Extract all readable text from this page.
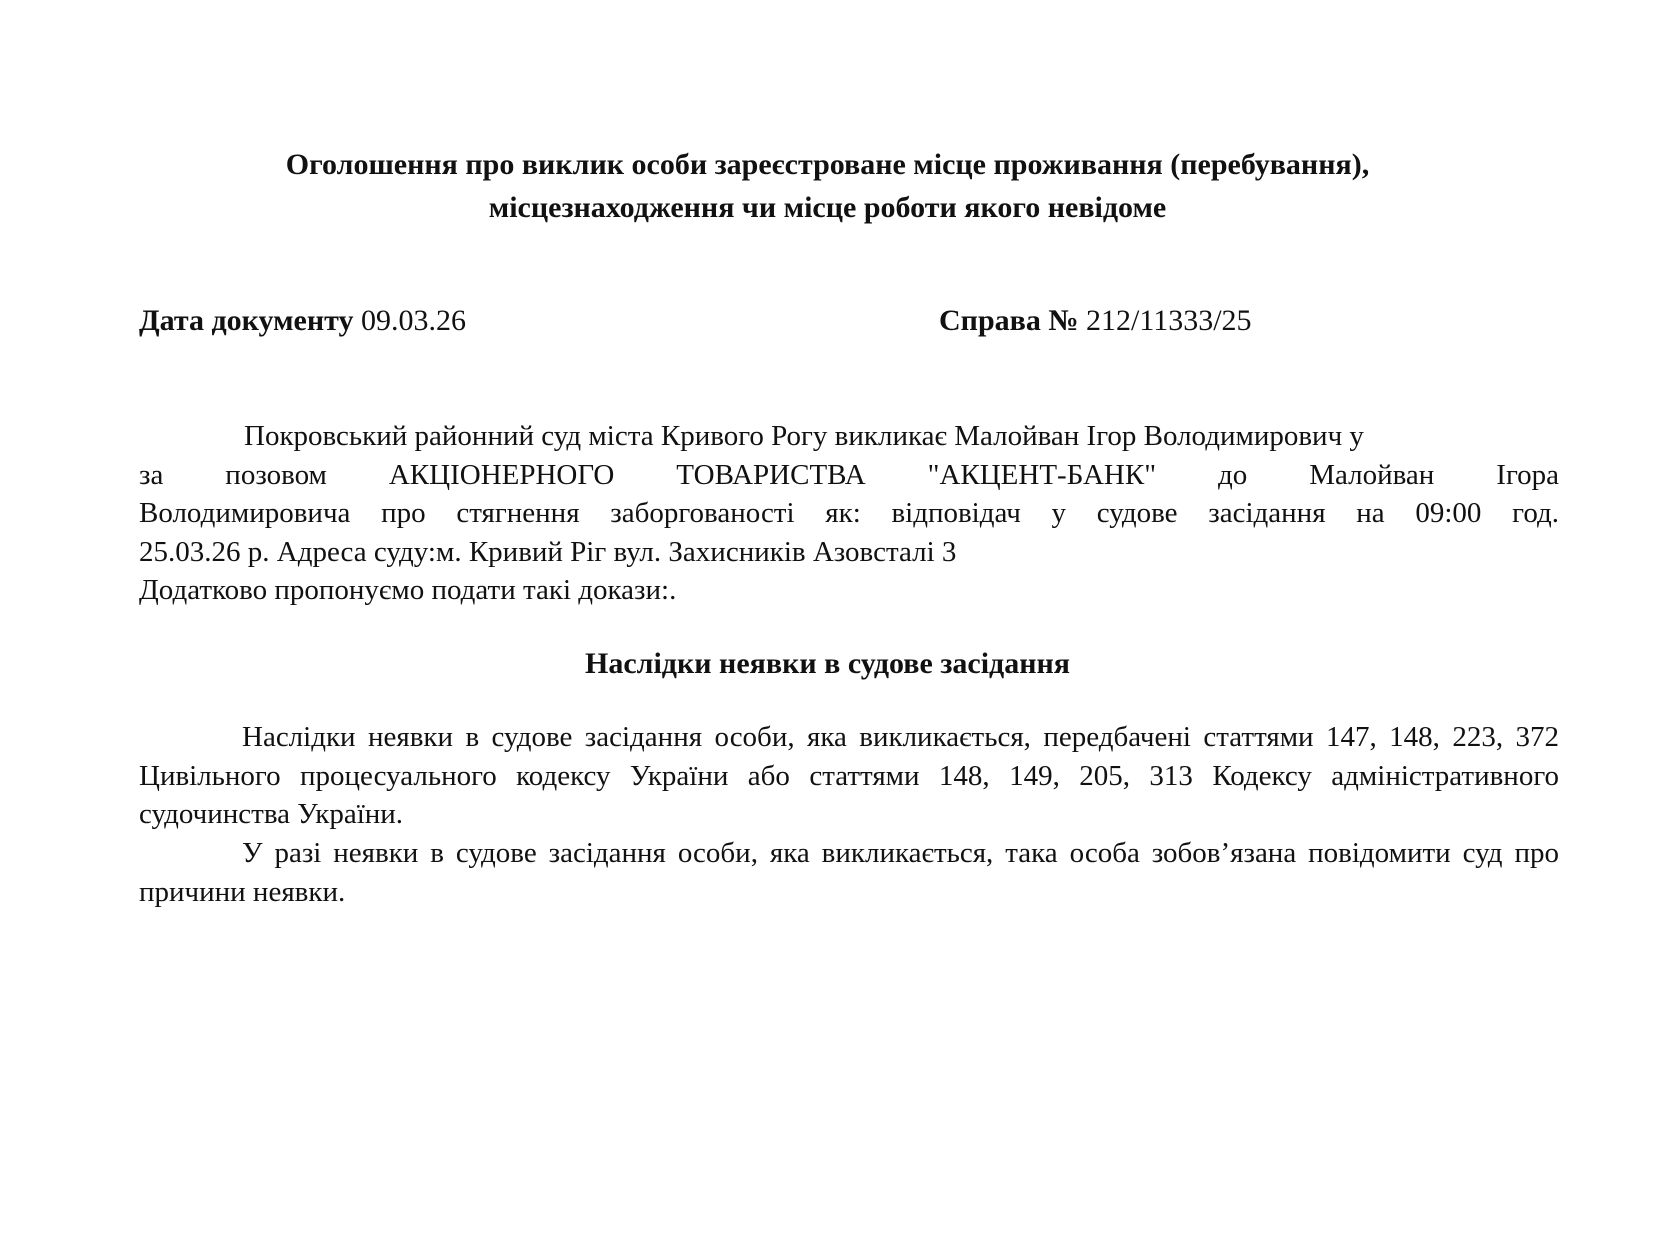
Оголошення про виклик особи зареєстроване місце проживання (перебування),
місцезнаходження чи місце роботи якого невідоме
Дата документу 09.03.26	Справа № 212/11333/25
Покровський районний суд міста Кривого Рогу викликає Малойван Ігор Володимирович у
за позовом АКЦІОНЕРНОГО ТОВАРИСТВА "АКЦЕНТ-БАНК" до Малойван Ігора
Володимировича про стягнення заборгованості як: відповідач у судове засідання на 09:00 год.
25.03.26 р. Адреса суду:м. Кривий Ріг вул. Захисників Азовсталі 3
Додатково пропонуємо подати такі докази:.
Наслідки неявки в судове засідання

Наслідки неявки в судове засідання особи, яка викликається, передбачені статтями 147, 148, 223, 372 Цивільного процесуального кодексу України або статтями 148, 149, 205, 313 Кодексу адміністративного судочинства України.

У разі неявки в судове засідання особи, яка викликається, така особа зобов’язана повідомити суд про причини неявки.
